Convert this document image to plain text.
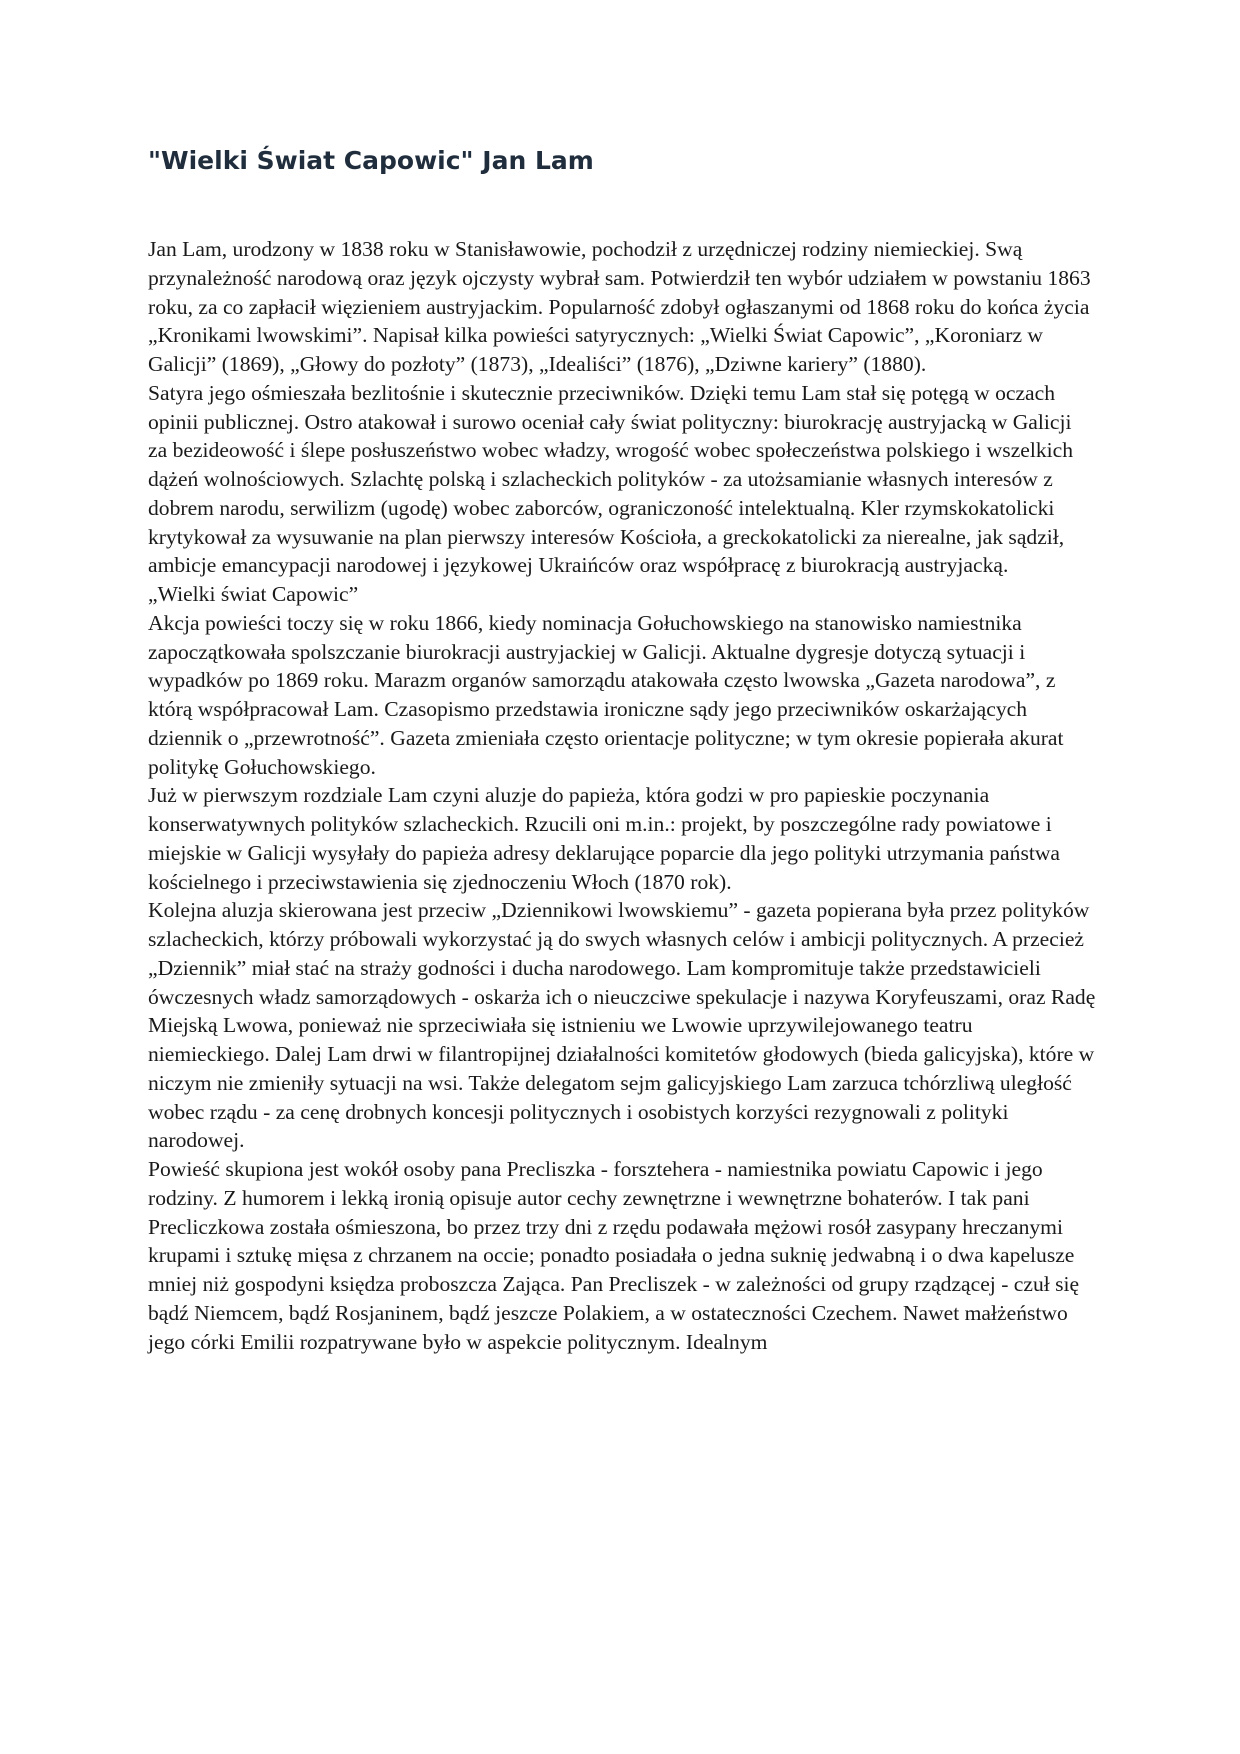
"Wielki Świat Capowic" Jan Lam

Jan Lam, urodzony w 1838 roku w Stanisławowie, pochodził z urzędniczej rodziny niemieckiej. Swą przynależność narodową oraz język ojczysty wybrał sam. Potwierdził ten wybór udziałem w powstaniu 1863 roku, za co zapłacił więzieniem austryjackim. Popularność zdobył ogłaszanymi od 1868 roku do końca życia „Kronikami lwowskimi”. Napisał kilka powieści satyrycznych: „Wielki Świat Capowic”, „Koroniarz w Galicji” (1869), „Głowy do pozłoty” (1873), „Idealiści” (1876), „Dziwne kariery” (1880).

Satyra jego ośmieszała bezlitośnie i skutecznie przeciwników. Dzięki temu Lam stał się potęgą w oczach opinii publicznej. Ostro atakował i surowo oceniał cały świat polityczny: biurokrację austryjacką w Galicji za bezideowość i ślepe posłuszeństwo wobec władzy, wrogość wobec społeczeństwa polskiego i wszelkich dążeń wolnościowych. Szlachtę polską i szlacheckich polityków - za utożsamianie własnych interesów z dobrem narodu, serwilizm (ugodę) wobec zaborców, ograniczoność intelektualną. Kler rzymskokatolicki krytykował za wysuwanie na plan pierwszy interesów Kościoła, a greckokatolicki za nierealne, jak sądził, ambicje emancypacji narodowej i językowej Ukraińców oraz współpracę z biurokracją austryjacką.

„Wielki świat Capowic”

Akcja powieści toczy się w roku 1866, kiedy nominacja Gołuchowskiego na stanowisko namiestnika zapoczątkowała spolszczanie biurokracji austryjackiej w Galicji. Aktualne dygresje dotyczą sytuacji i wypadków po 1869 roku. Marazm organów samorządu atakowała często lwowska „Gazeta narodowa”, z którą współpracował Lam. Czasopismo przedstawia ironiczne sądy jego przeciwników oskarżających dziennik o „przewrotność”. Gazeta zmieniała często orientacje polityczne; w tym okresie popierała akurat politykę Gołuchowskiego.

Już w pierwszym rozdziale Lam czyni aluzje do papieża, która godzi w pro papieskie poczynania konserwatywnych polityków szlacheckich. Rzucili oni m.in.: projekt, by poszczególne rady powiatowe i miejskie w Galicji wysyłały do papieża adresy deklarujące poparcie dla jego polityki utrzymania państwa kościelnego i przeciwstawienia się zjednoczeniu Włoch (1870 rok).

Kolejna aluzja skierowana jest przeciw „Dziennikowi lwowskiemu” - gazeta popierana była przez polityków szlacheckich, którzy próbowali wykorzystać ją do swych własnych celów i ambicji politycznych. A przecież „Dziennik” miał stać na straży godności i ducha narodowego. Lam kompromituje także przedstawicieli ówczesnych władz samorządowych - oskarża ich o nieuczciwe spekulacje i nazywa Koryfeuszami, oraz Radę Miejską Lwowa, ponieważ nie sprzeciwiała się istnieniu we Lwowie uprzywilejowanego teatru niemieckiego. Dalej Lam drwi w filantropijnej działalności komitetów głodowych (bieda galicyjska), które w niczym nie zmieniły sytuacji na wsi. Także delegatom sejm galicyjskiego Lam zarzuca tchórzliwą uległość wobec rządu - za cenę drobnych koncesji politycznych i osobistych korzyści rezygnowali z polityki narodowej.

Powieść skupiona jest wokół osoby pana Precliszka - forsztehera - namiestnika powiatu Capowic i jego rodziny. Z humorem i lekką ironią opisuje autor cechy zewnętrzne i wewnętrzne bohaterów. I tak pani Precliczkowa została ośmieszona, bo przez trzy dni z rzędu podawała mężowi rosół zasypany hreczanymi krupami i sztukę mięsa z chrzanem na occie; ponadto posiadała o jedna suknię jedwabną i o dwa kapelusze mniej niż gospodyni księdza proboszcza Zająca. Pan Precliszek - w zależności od grupy rządzącej - czuł się bądź Niemcem, bądź Rosjaninem, bądź jeszcze Polakiem, a w ostateczności Czechem. Nawet małżeństwo jego córki Emilii rozpatrywane było w aspekcie politycznym. Idealnym
